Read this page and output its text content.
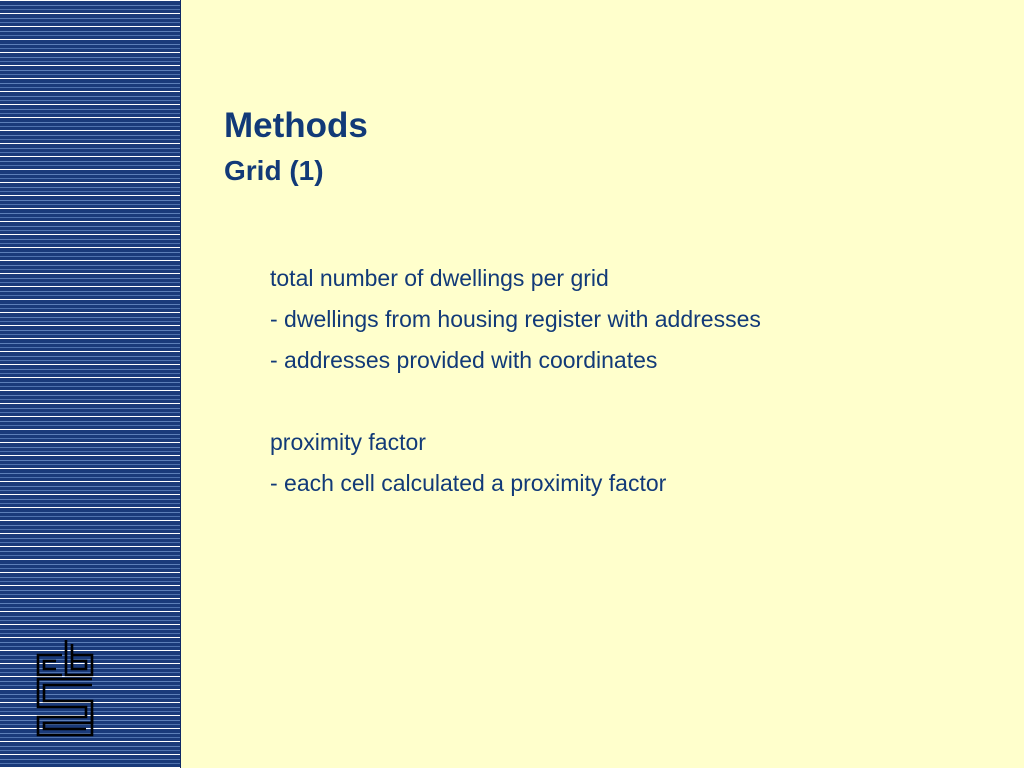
Methods
Grid (1)
total number of dwellings per grid
- dwellings from housing register with addresses
- addresses provided with coordinates
proximity factor
- each cell calculated a proximity factor
